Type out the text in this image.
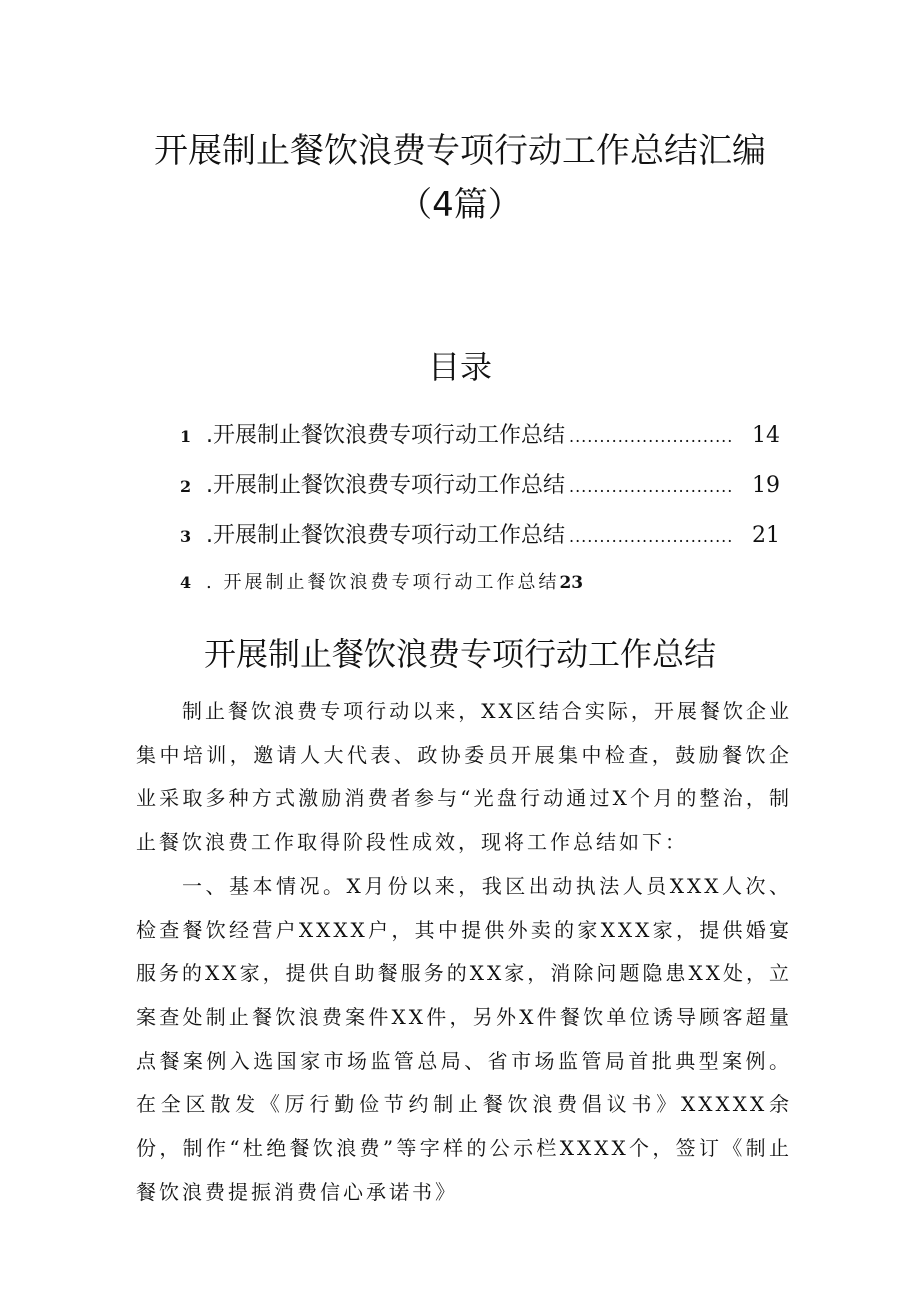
开展制止餐饮浪费专项行动工作总结汇编
（4篇）
目录
1 .开展制止餐饮浪费专项行动工作总结 ........................... 14
2 .开展制止餐饮浪费专项行动工作总结 ........................... 19
3 .开展制止餐饮浪费专项行动工作总结 ........................... 21
4 . 开展制止餐饮浪费专项行动工作总结 23
开展制止餐饮浪费专项行动工作总结

制止餐饮浪费专项行动以来，XX区结合实际，开展餐饮企业集中培训，邀请人大代表、政协委员开展集中检查，鼓励餐饮企业采取多种方式激励消费者参与“光盘行动通过X个月的整治，制止餐饮浪费工作取得阶段性成效，现将工作总结如下：

一、基本情况。X月份以来，我区出动执法人员XXX人次、检查餐饮经营户XXXX户，其中提供外卖的家XXX家，提供婚宴服务的XX家，提供自助餐服务的XX家，消除问题隐患XX处，立案查处制止餐饮浪费案件XX件，另外X件餐饮单位诱导顾客超量点餐案例入选国家市场监管总局、省市场监管局首批典型案例。在全区散发《厉行勤俭节约制止餐饮浪费倡议书》XXXXX余份，制作“杜绝餐饮浪费”等字样的公示栏XXXX个，签订《制止餐饮浪费提振消费信心承诺书》
